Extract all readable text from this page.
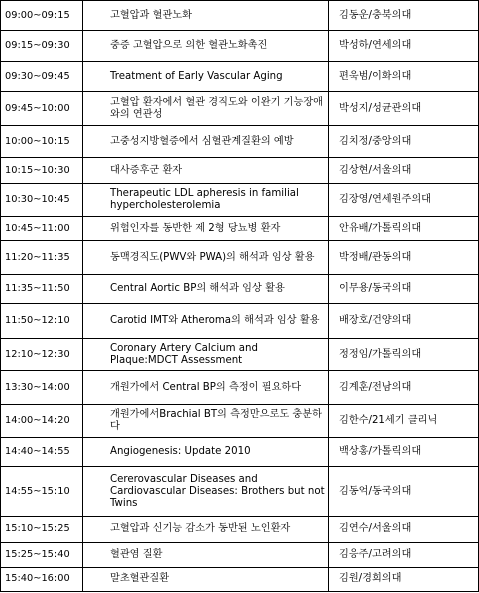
09:00~09:15	고혈압과 혈관노화	김동운/충북의대
09:15~09:30	중증 고혈압으로 의한 혈관노화촉진	박성하/연세의대
09:30~09:45	Treatment of Early Vascular Aging	편욱범/이화의대
09:45~10:00	고혈압 환자에서 혈관 경직도와 이완기 기능장애와의 연관성	박성지/성균관의대
10:00~10:15	고중성지방혈증에서 심혈관계질환의 예방	김치정/중앙의대
10:15~10:30	대사증후군 환자	김상현/서울의대
10:30~10:45	Therapeutic LDL apheresis in familial hypercholesterolemia	김장영/연세원주의대
10:45~11:00	위험인자를 동반한 제 2형 당뇨병 환자	안유배/가톨릭의대
11:20~11:35	동맥경직도(PWV와 PWA)의 해석과 임상 활용	박정배/관동의대
11:35~11:50	Central Aortic BP의 해석과 임상 활용	이무용/동국의대
11:50~12:10	Carotid IMT와 Atheroma의 해석과 임상 활용	배장호/건양의대
12:10~12:30	Coronary Artery Calcium and Plaque:MDCT Assessment	정정임/가톨릭의대
13:30~14:00	개원가에서 Central BP의 측정이 필요하다	김계훈/전남의대
14:00~14:20	개원가에서Brachial BT의 측정만으로도 충분하다	김한수/21세기 클리닉
14:40~14:55	Angiogenesis: Update 2010	백상홍/가톨릭의대
14:55~15:10	Cererovascular Diseases and Cardiovascular Diseases: Brothers but not Twins	김동억/동국의대
15:10~15:25	고혈압과 신기능 감소가 동반된 노인환자	김연수/서울의대
15:25~15:40	혈관염 질환	김응주/고려의대
15:40~16:00	말초혈관질환	김원/경희의대
